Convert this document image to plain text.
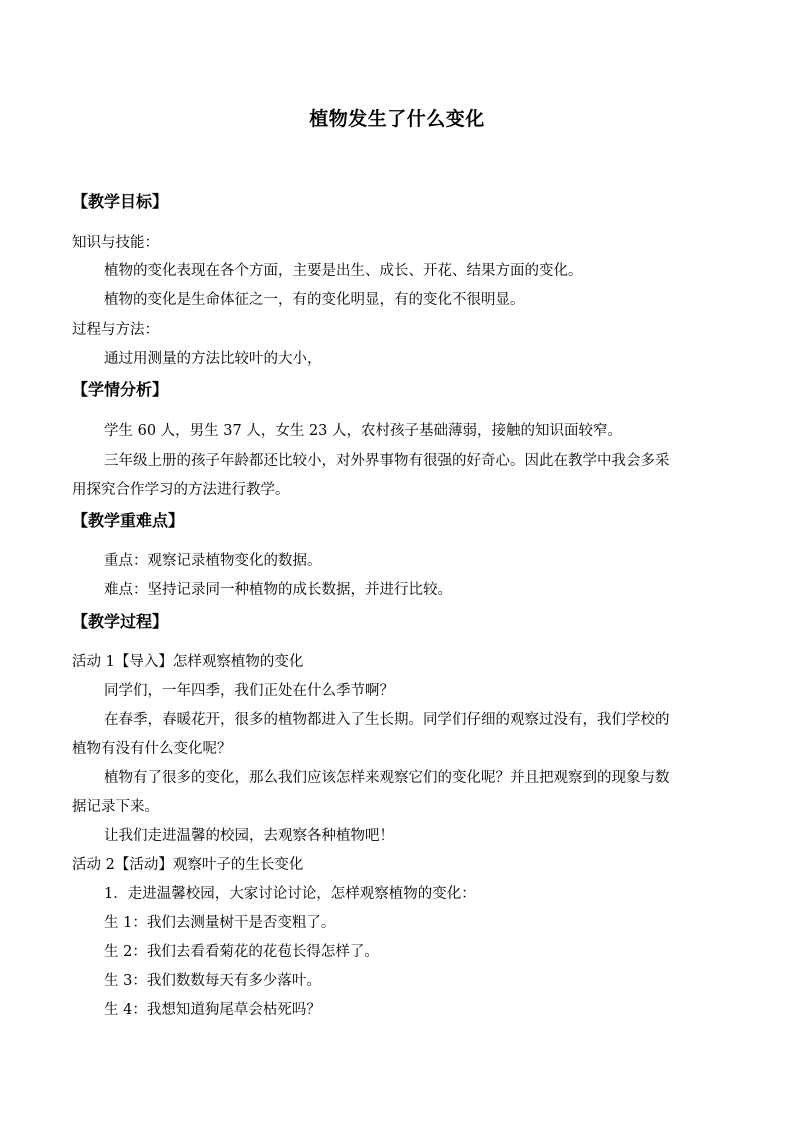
植物发生了什么变化
【教学目标】
知识与技能：
植物的变化表现在各个方面，主要是出生、成长、开花、结果方面的变化。
植物的变化是生命体征之一，有的变化明显，有的变化不很明显。
过程与方法：
通过用测量的方法比较叶的大小，
【学情分析】
学生 60 人，男生 37 人，女生 23 人，农村孩子基础薄弱，接触的知识面较窄。
三年级上册的孩子年龄都还比较小，对外界事物有很强的好奇心。因此在教学中我会多采
用探究合作学习的方法进行教学。
【教学重难点】
重点：观察记录植物变化的数据。
难点：坚持记录同一种植物的成长数据，并进行比较。
【教学过程】
活动 1【导入】怎样观察植物的变化
同学们，一年四季，我们正处在什么季节啊？
在春季，春暖花开，很多的植物都进入了生长期。同学们仔细的观察过没有，我们学校的
植物有没有什么变化呢？
植物有了很多的变化，那么我们应该怎样来观察它们的变化呢？并且把观察到的现象与数
据记录下来。
让我们走进温馨的校园，去观察各种植物吧！
活动 2【活动】观察叶子的生长变化
1．走进温馨校园，大家讨论讨论，怎样观察植物的变化：
生 1：我们去测量树干是否变粗了。
生 2：我们去看看菊花的花苞长得怎样了。
生 3：我们数数每天有多少落叶。
生 4：我想知道狗尾草会枯死吗？
